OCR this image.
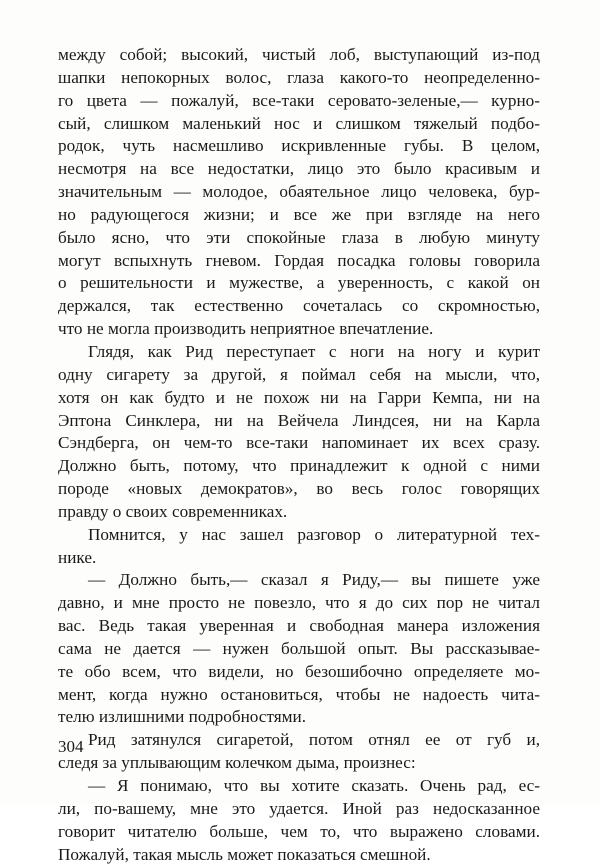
между собой; высокий, чистый лоб, выступающий из-под
шапки непокорных волос, глаза какого-то неопределенно-
го цвета — пожалуй, все-таки серовато-зеленые,— курно-
сый, слишком маленький нос и слишком тяжелый подбо-
родок, чуть насмешливо искривленные губы. В целом,
несмотря на все недостатки, лицо это было красивым и
значительным — молодое, обаятельное лицо человека, бур-
но радующегося жизни; и все же при взгляде на него
было ясно, что эти спокойные глаза в любую минуту
могут вспыхнуть гневом. Гордая посадка головы говорила
о решительности и мужестве, а уверенность, с какой он
держался, так естественно сочеталась со скромностью,
что не могла производить неприятное впечатление.
Глядя, как Рид переступает с ноги на ногу и курит
одну сигарету за другой, я поймал себя на мысли, что,
хотя он как будто и не похож ни на Гарри Кемпа, ни на
Эптона Синклера, ни на Вейчела Линдсея, ни на Карла
Сэндберга, он чем-то все-таки напоминает их всех сразу.
Должно быть, потому, что принадлежит к одной с ними
породе «новых демократов», во весь голос говорящих
правду о своих современниках.
Помнится, у нас зашел разговор о литературной тех-
нике.
— Должно быть,— сказал я Риду,— вы пишете уже
давно, и мне просто не повезло, что я до сих пор не читал
вас. Ведь такая уверенная и свободная манера изложения
сама не дается — нужен большой опыт. Вы рассказывае-
те обо всем, что видели, но безошибочно определяете мо-
мент, когда нужно остановиться, чтобы не надоесть чита-
телю излишними подробностями.
Рид затянулся сигаретой, потом отнял ее от губ и,
следя за уплывающим колечком дыма, произнес:
— Я понимаю, что вы хотите сказать. Очень рад, ес-
ли, по-вашему, мне это удается. Иной раз недосказанное
говорит читателю больше, чем то, что выражено словами.
Пожалуй, такая мысль может показаться смешной.
304
